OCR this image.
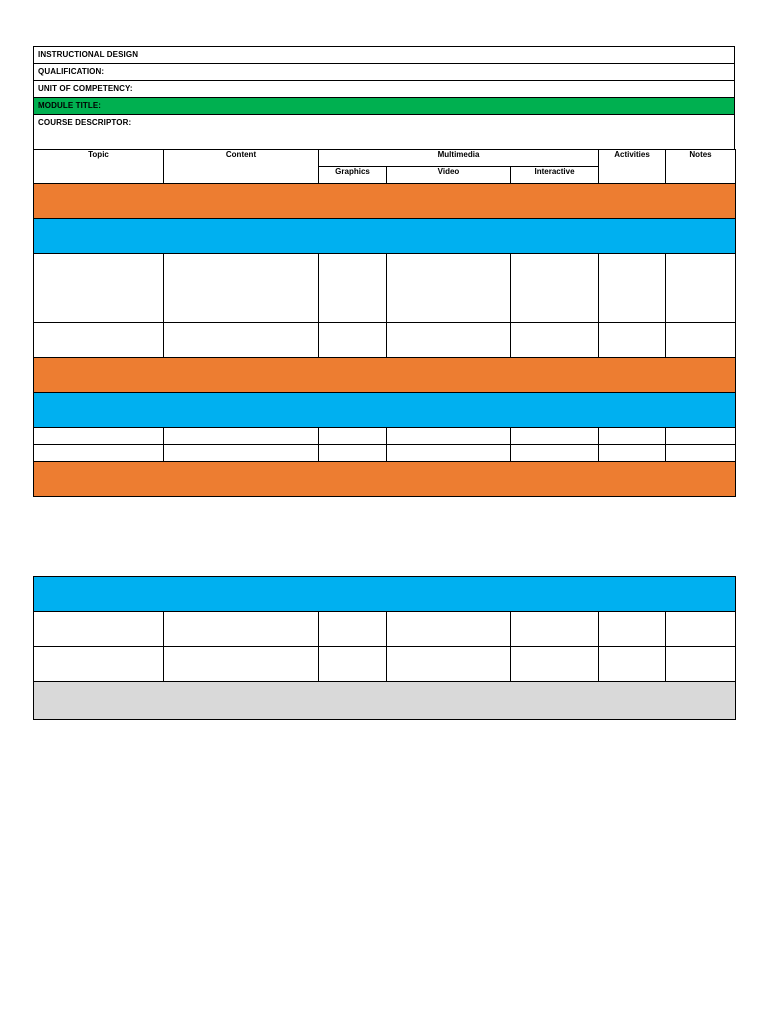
INSTRUCTIONAL DESIGN
QUALIFICATION:
UNIT OF COMPETENCY:
MODULE TITLE:
COURSE DESCRIPTOR:
Topic	Content	Multimedia			Activities	Notes
		Graphics	Video	Interactive		
